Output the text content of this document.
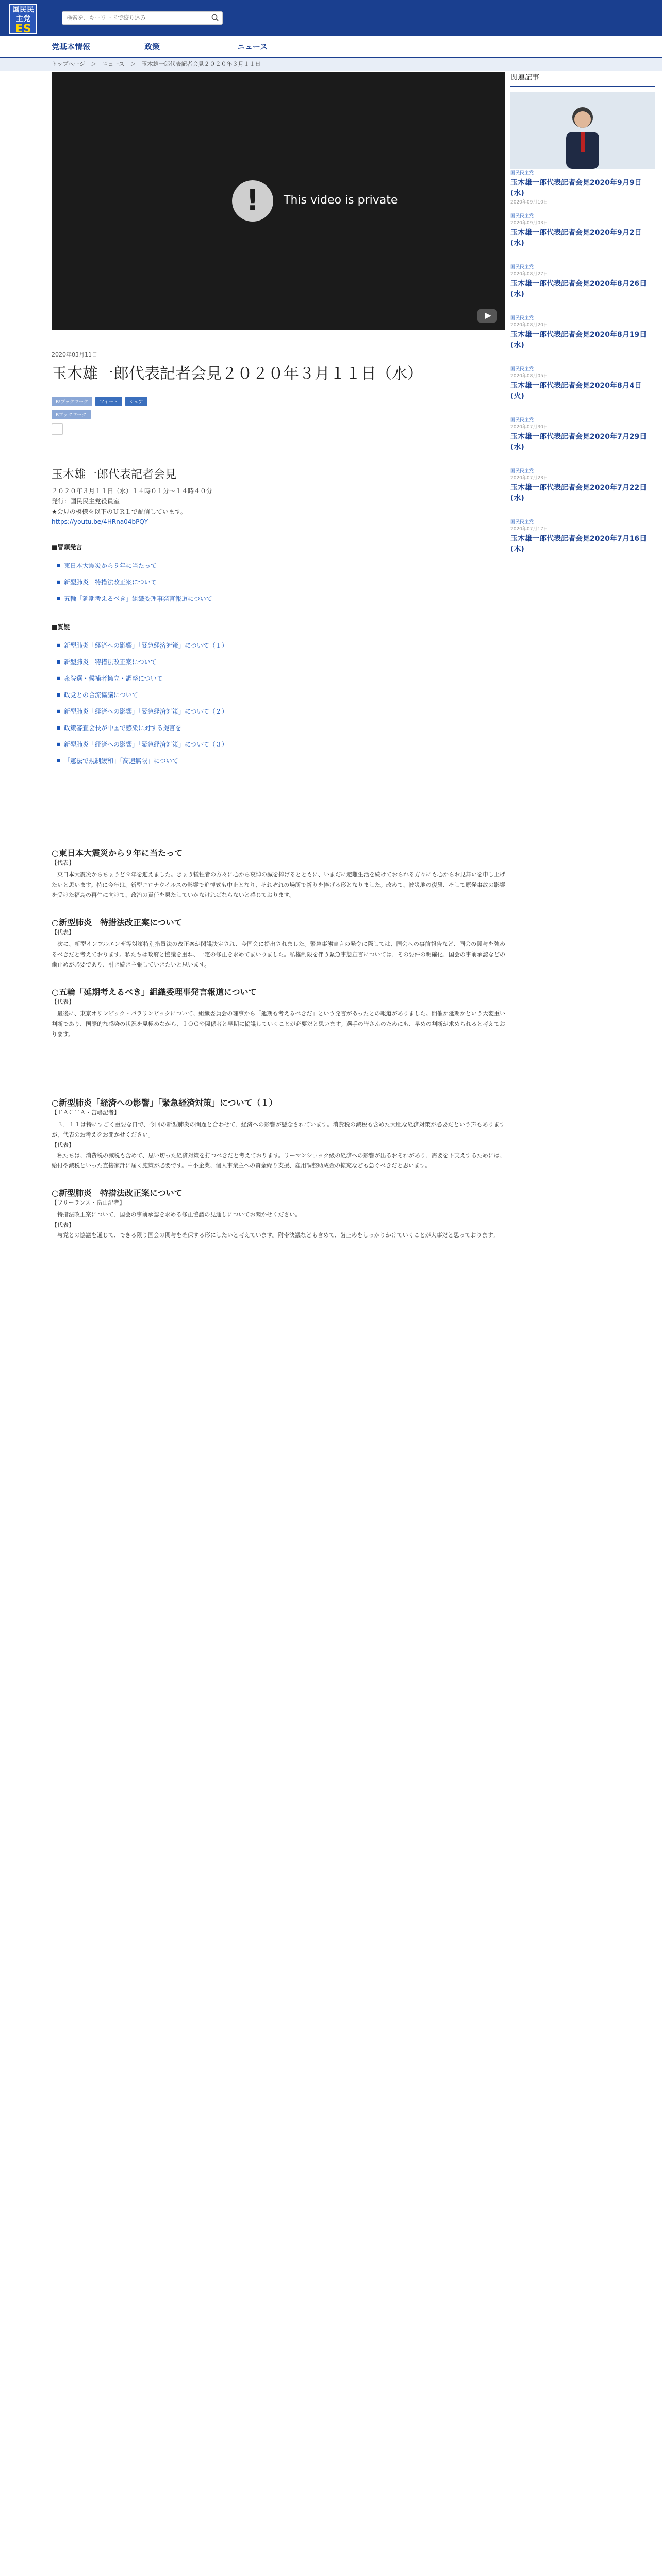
国民民主党
ES
検索を、キーワードで絞り込み
党基本情報	政策	ニュース
トップページ　＞　ニュース　＞　玉木雄一郎代表記者会見２０２０年３月１１日
!	This video is private
2020年03月11日
玉木雄一郎代表記者会見２０２０年３月１１日（水）
B!ブックマーク	ツイート	シェア
Bブックマーク
玉木雄一郎代表記者会見
２０２０年３月１１日（水）１４時０１分～１４時４０分
発行：国民民主党役員室
★会見の模様を以下のＵＲＬで配信しています。
https://youtu.be/4HRna04bPQY
■冒頭発言
■ 東日本大震災から９年に当たって
■ 新型肺炎　特措法改正案について
■ 五輪「延期考えるべき」組織委理事発言報道について
■質疑
■ 新型肺炎「経済への影響」「緊急経済対策」について（１）
■ 新型肺炎　特措法改正案について
■ 衆院選・候補者擁立・調整について
■ 政党との合流協議について
■ 新型肺炎「経済への影響」「緊急経済対策」について（２）
■ 政策審査会長が中国で感染に対する提言を
■ 新型肺炎「経済への影響」「緊急経済対策」について（３）
■ 「憲法で規制緩和」「高速無限」について
○東日本大震災から９年に当たって
【代表】
　東日本大震災からちょうど９年を迎えました。きょう犠牲者の方々に心から哀悼の誠を捧げるとともに、いまだに避難生活を続けておられる方々にも心からお見舞いを申し上げたいと思います。特に今年は、新型コロナウイルスの影響で追悼式も中止となり、それぞれの場所で祈りを捧げる形となりました。改めて、被災地の復興、そして原発事故の影響を受けた福島の再生に向けて、政治の責任を果たしていかなければならないと感じております。
○新型肺炎　特措法改正案について
【代表】
　次に、新型インフルエンザ等対策特別措置法の改正案が閣議決定され、今国会に提出されました。緊急事態宣言の発令に際しては、国会への事前報告など、国会の関与を強めるべきだと考えております。私たちは政府と協議を重ね、一定の修正を求めてまいりました。私権制限を伴う緊急事態宣言については、その要件の明確化、国会の事前承認などの歯止めが必要であり、引き続き主張していきたいと思います。
○五輪「延期考えるべき」組織委理事発言報道について
【代表】
　最後に、東京オリンピック・パラリンピックについて、組織委員会の理事から「延期も考えるべきだ」という発言があったとの報道がありました。開催か延期かという大変重い判断であり、国際的な感染の状況を見極めながら、ＩＯＣや関係者と早期に協議していくことが必要だと思います。選手の皆さんのためにも、早めの判断が求められると考えております。
○新型肺炎「経済への影響」「緊急経済対策」について（１）
【ＦＡＣＴＡ・宮嶋記者】
　３．１１は特にすごく重要な日で、今回の新型肺炎の問題と合わせて、経済への影響が懸念されています。消費税の減税も含めた大胆な経済対策が必要だという声もありますが、代表のお考えをお聞かせください。
【代表】
　私たちは、消費税の減税も含めて、思い切った経済対策を打つべきだと考えております。リーマンショック級の経済への影響が出るおそれがあり、需要を下支えするためには、給付や減税といった直接家計に届く施策が必要です。中小企業、個人事業主への資金繰り支援、雇用調整助成金の拡充なども急ぐべきだと思います。
○新型肺炎　特措法改正案について
【フリーランス・畠山記者】
　特措法改正案について、国会の事前承認を求める修正協議の見通しについてお聞かせください。
【代表】
　与党との協議を通じて、できる限り国会の関与を確保する形にしたいと考えています。附帯決議なども含めて、歯止めをしっかりかけていくことが大事だと思っております。
関連記事
国民民主党
玉木雄一郎代表記者会見2020年9月9日(水)
2020年09月10日
国民民主党
2020年09月03日
玉木雄一郎代表記者会見2020年9月2日(水)
国民民主党
2020年08月27日
玉木雄一郎代表記者会見2020年8月26日(水)
国民民主党
2020年08月20日
玉木雄一郎代表記者会見2020年8月19日(水)
国民民主党
2020年08月05日
玉木雄一郎代表記者会見2020年8月4日(火)
国民民主党
2020年07月30日
玉木雄一郎代表記者会見2020年7月29日(水)
国民民主党
2020年07月23日
玉木雄一郎代表記者会見2020年7月22日(水)
国民民主党
2020年07月17日
玉木雄一郎代表記者会見2020年7月16日(木)
